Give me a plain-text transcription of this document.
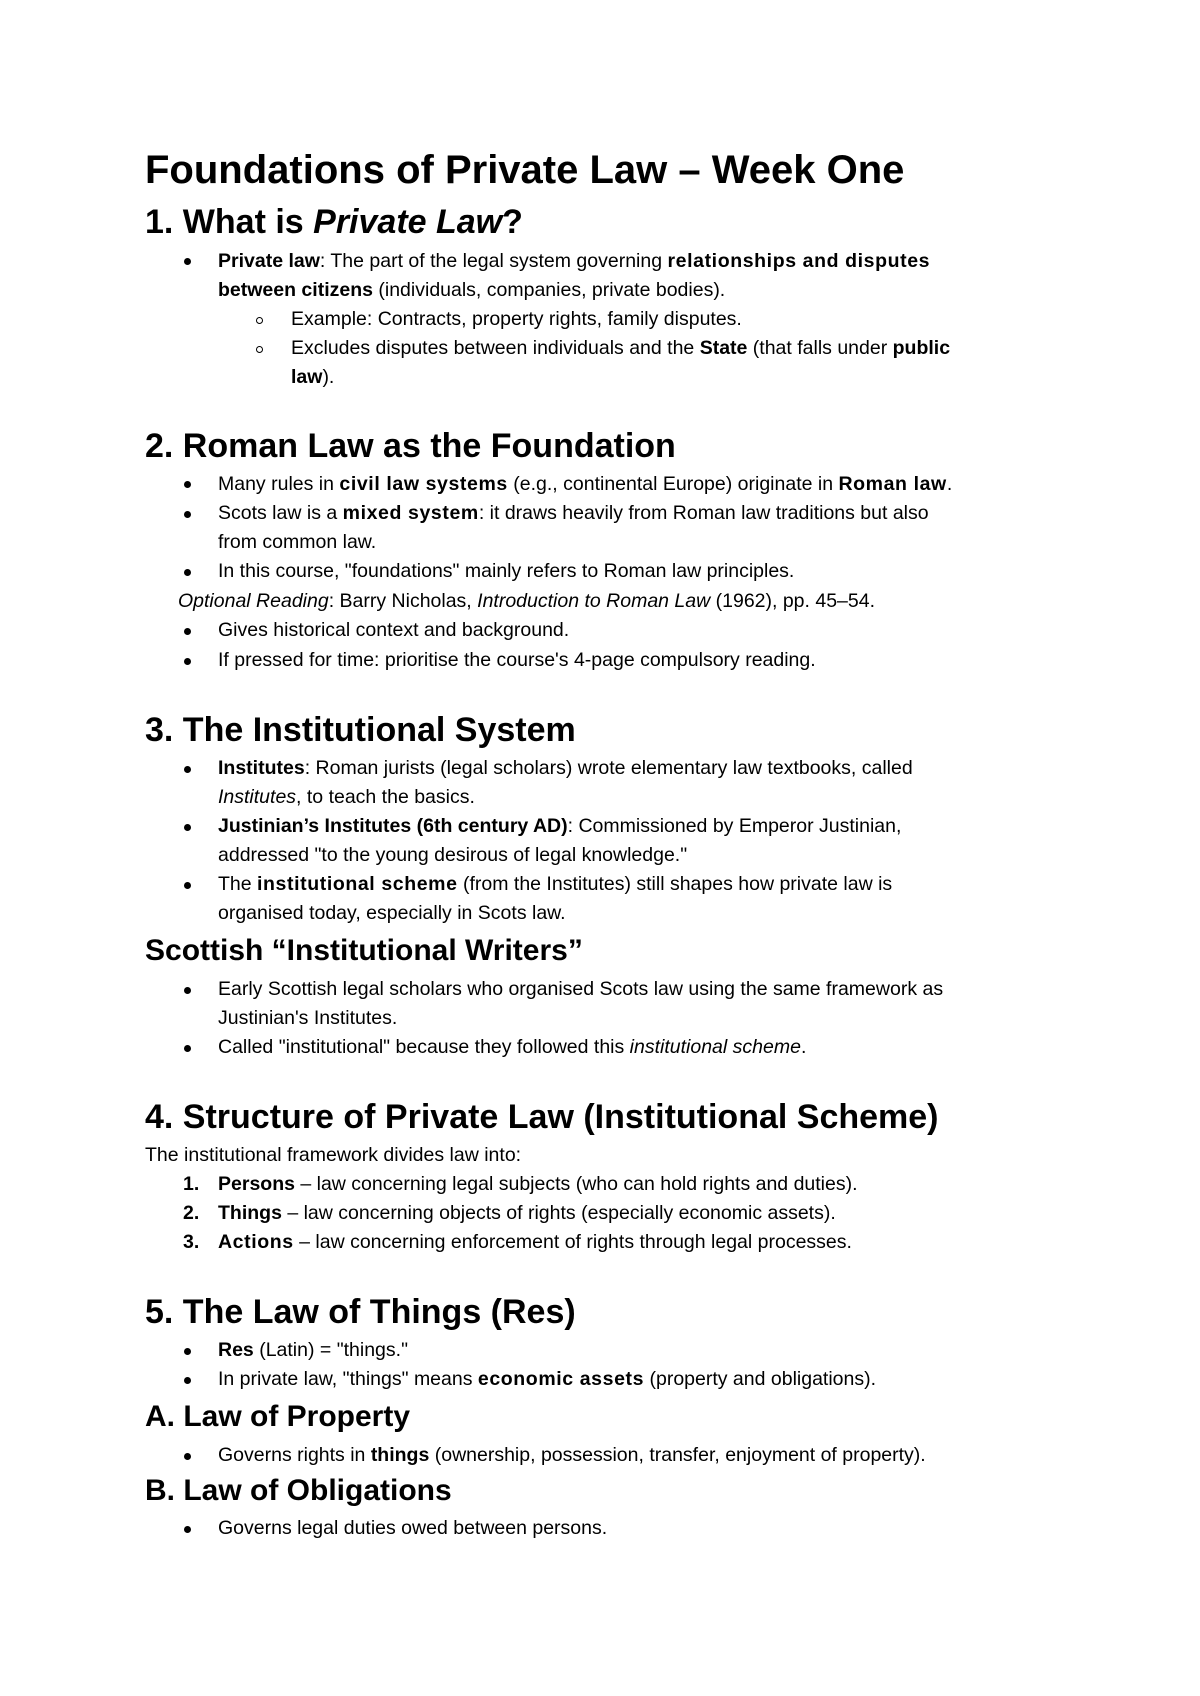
Foundations of Private Law – Week One
1. What is Private Law?
Private law: The part of the legal system governing relationships and disputes
between citizens (individuals, companies, private bodies).
Example: Contracts, property rights, family disputes.
Excludes disputes between individuals and the State (that falls under public
law).
2. Roman Law as the Foundation
Many rules in civil law systems (e.g., continental Europe) originate in Roman law.
Scots law is a mixed system: it draws heavily from Roman law traditions but also
from common law.
In this course, "foundations" mainly refers to Roman law principles.
Optional Reading: Barry Nicholas, Introduction to Roman Law (1962), pp. 45–54.
Gives historical context and background.
If pressed for time: prioritise the course's 4-page compulsory reading.
3. The Institutional System
Institutes: Roman jurists (legal scholars) wrote elementary law textbooks, called
Institutes, to teach the basics.
Justinian’s Institutes (6th century AD): Commissioned by Emperor Justinian,
addressed "to the young desirous of legal knowledge."
The institutional scheme (from the Institutes) still shapes how private law is
organised today, especially in Scots law.
Scottish “Institutional Writers”
Early Scottish legal scholars who organised Scots law using the same framework as
Justinian's Institutes.
Called "institutional" because they followed this institutional scheme.
4. Structure of Private Law (Institutional Scheme)
The institutional framework divides law into:
1. Persons – law concerning legal subjects (who can hold rights and duties).
2. Things – law concerning objects of rights (especially economic assets).
3. Actions – law concerning enforcement of rights through legal processes.
5. The Law of Things (Res)
Res (Latin) = "things."
In private law, "things" means economic assets (property and obligations).
A. Law of Property
Governs rights in things (ownership, possession, transfer, enjoyment of property).
B. Law of Obligations
Governs legal duties owed between persons.
